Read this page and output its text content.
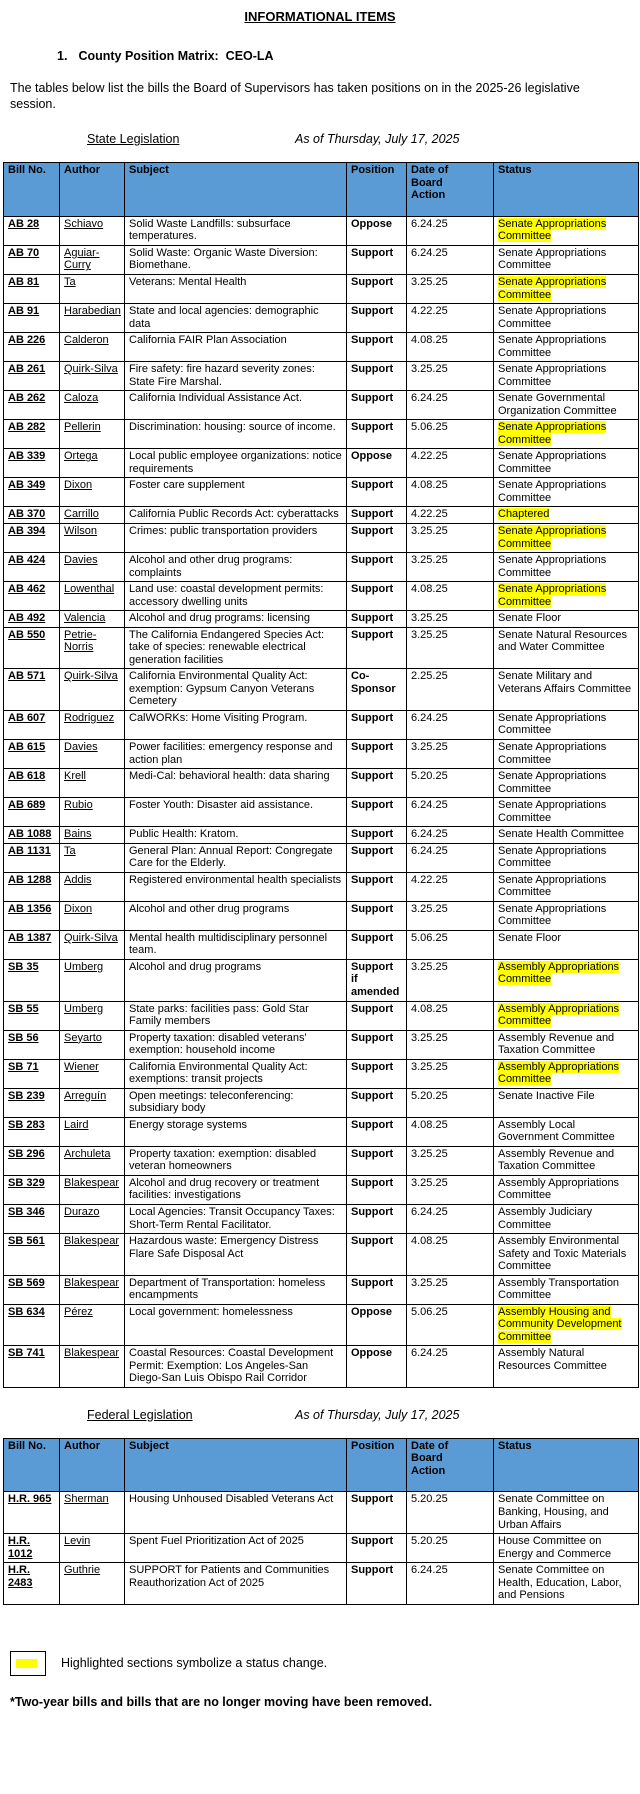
INFORMATIONAL ITEMS
1. County Position Matrix:  CEO-LA

The tables below list the bills the Board of Supervisors has taken positions on in the 2025-26 legislative session.

State Legislation	As of Thursday, July 17, 2025
Bill No.	Author	Subject	Position	Date of Board Action	Status
AB 28	Schiavo	Solid Waste Landfills: subsurface temperatures.	Oppose	6.24.25	Senate Appropriations Committee
AB 70	Aguiar-Curry	Solid Waste: Organic Waste Diversion: Biomethane.	Support	6.24.25	Senate Appropriations Committee
AB 81	Ta	Veterans: Mental Health	Support	3.25.25	Senate Appropriations Committee
AB 91	Harabedian	State and local agencies: demographic data	Support	4.22.25	Senate Appropriations Committee
AB 226	Calderon	California FAIR Plan Association	Support	4.08.25	Senate Appropriations Committee
AB 261	Quirk-Silva	Fire safety: fire hazard severity zones: State Fire Marshal.	Support	3.25.25	Senate Appropriations Committee
AB 262	Caloza	California Individual Assistance Act.	Support	6.24.25	Senate Governmental Organization Committee
AB 282	Pellerin	Discrimination: housing: source of income.	Support	5.06.25	Senate Appropriations Committee
AB 339	Ortega	Local public employee organizations: notice requirements	Oppose	4.22.25	Senate Appropriations Committee
AB 349	Dixon	Foster care supplement	Support	4.08.25	Senate Appropriations Committee
AB 370	Carrillo	California Public Records Act: cyberattacks	Support	4.22.25	Chaptered
AB 394	Wilson	Crimes: public transportation providers	Support	3.25.25	Senate Appropriations Committee
AB 424	Davies	Alcohol and other drug programs: complaints	Support	3.25.25	Senate Appropriations Committee
AB 462	Lowenthal	Land use: coastal development permits: accessory dwelling units	Support	4.08.25	Senate Appropriations Committee
AB 492	Valencia	Alcohol and drug programs: licensing	Support	3.25.25	Senate Floor
AB 550	Petrie-Norris	The California Endangered Species Act: take of species: renewable electrical generation facilities	Support	3.25.25	Senate Natural Resources and Water Committee
AB 571	Quirk-Silva	California Environmental Quality Act: exemption: Gypsum Canyon Veterans Cemetery	Co-Sponsor	2.25.25	Senate Military and Veterans Affairs Committee
AB 607	Rodriguez	CalWORKs: Home Visiting Program.	Support	6.24.25	Senate Appropriations Committee
AB 615	Davies	Power facilities: emergency response and action plan	Support	3.25.25	Senate Appropriations Committee
AB 618	Krell	Medi-Cal: behavioral health: data sharing	Support	5.20.25	Senate Appropriations Committee
AB 689	Rubio	Foster Youth: Disaster aid assistance.	Support	6.24.25	Senate Appropriations Committee
AB 1088	Bains	Public Health: Kratom.	Support	6.24.25	Senate Health Committee
AB 1131	Ta	General Plan: Annual Report: Congregate Care for the Elderly.	Support	6.24.25	Senate Appropriations Committee
AB 1288	Addis	Registered environmental health specialists	Support	4.22.25	Senate Appropriations Committee
AB 1356	Dixon	Alcohol and other drug programs	Support	3.25.25	Senate Appropriations Committee
AB 1387	Quirk-Silva	Mental health multidisciplinary personnel team.	Support	5.06.25	Senate Floor
SB 35	Umberg	Alcohol and drug programs	Support if amended	3.25.25	Assembly Appropriations Committee
SB 55	Umberg	State parks: facilities pass: Gold Star Family members	Support	4.08.25	Assembly Appropriations Committee
SB 56	Seyarto	Property taxation: disabled veterans' exemption: household income	Support	3.25.25	Assembly Revenue and Taxation Committee
SB 71	Wiener	California Environmental Quality Act: exemptions: transit projects	Support	3.25.25	Assembly Appropriations Committee
SB 239	Arreguín	Open meetings: teleconferencing: subsidiary body	Support	5.20.25	Senate Inactive File
SB 283	Laird	Energy storage systems	Support	4.08.25	Assembly Local Government Committee
SB 296	Archuleta	Property taxation: exemption: disabled veteran homeowners	Support	3.25.25	Assembly Revenue and Taxation Committee
SB 329	Blakespear	Alcohol and drug recovery or treatment facilities: investigations	Support	3.25.25	Assembly Appropriations Committee
SB 346	Durazo	Local Agencies: Transit Occupancy Taxes: Short-Term Rental Facilitator.	Support	6.24.25	Assembly Judiciary Committee
SB 561	Blakespear	Hazardous waste: Emergency Distress Flare Safe Disposal Act	Support	4.08.25	Assembly Environmental Safety and Toxic Materials Committee
SB 569	Blakespear	Department of Transportation: homeless encampments	Support	3.25.25	Assembly Transportation Committee
SB 634	Pérez	Local government: homelessness	Oppose	5.06.25	Assembly Housing and Community Development Committee
SB 741	Blakespear	Coastal Resources: Coastal Development Permit: Exemption: Los Angeles-San Diego-San Luis Obispo Rail Corridor	Oppose	6.24.25	Assembly Natural Resources Committee
Federal Legislation	As of Thursday, July 17, 2025
Bill No.	Author	Subject	Position	Date of Board Action	Status
H.R. 965	Sherman	Housing Unhoused Disabled Veterans Act	Support	5.20.25	Senate Committee on Banking, Housing, and Urban Affairs
H.R. 1012	Levin	Spent Fuel Prioritization Act of 2025	Support	5.20.25	House Committee on Energy and Commerce
H.R. 2483	Guthrie	SUPPORT for Patients and Communities Reauthorization Act of 2025	Support	6.24.25	Senate Committee on Health, Education, Labor, and Pensions
Highlighted sections symbolize a status change.

*Two-year bills and bills that are no longer moving have been removed.
